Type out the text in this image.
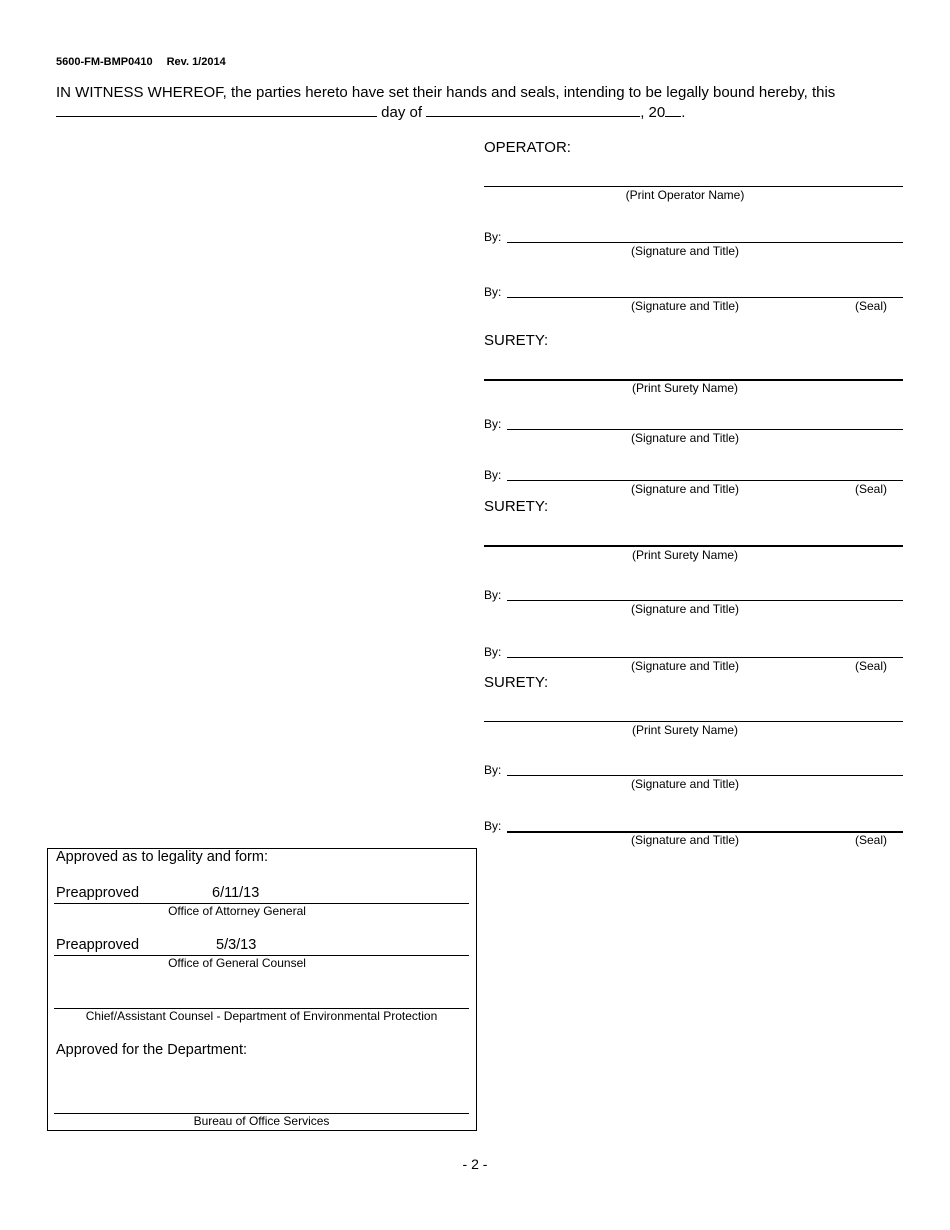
5600-FM-BMP0410 Rev. 1/2014
IN WITNESS WHEREOF, the parties hereto have set their hands and seals, intending to be legally bound hereby, this
day of	, 20 .
OPERATOR:
(Print Operator Name)
By:
(Signature and Title)
By:
(Signature and Title)	(Seal)
SURETY:
(Print Surety Name)
By:
(Signature and Title)
By:
(Signature and Title)	(Seal)
SURETY:
(Print Surety Name)
By:
(Signature and Title)
By:
(Signature and Title)	(Seal)
SURETY:
(Print Surety Name)
By:
(Signature and Title)
By:
(Signature and Title)	(Seal)
Approved as to legality and form:
Preapproved	6/11/13
Office of Attorney General
Preapproved	5/3/13
Office of General Counsel
Chief/Assistant Counsel - Department of Environmental Protection
Approved for the Department:
Bureau of Office Services
- 2 -
